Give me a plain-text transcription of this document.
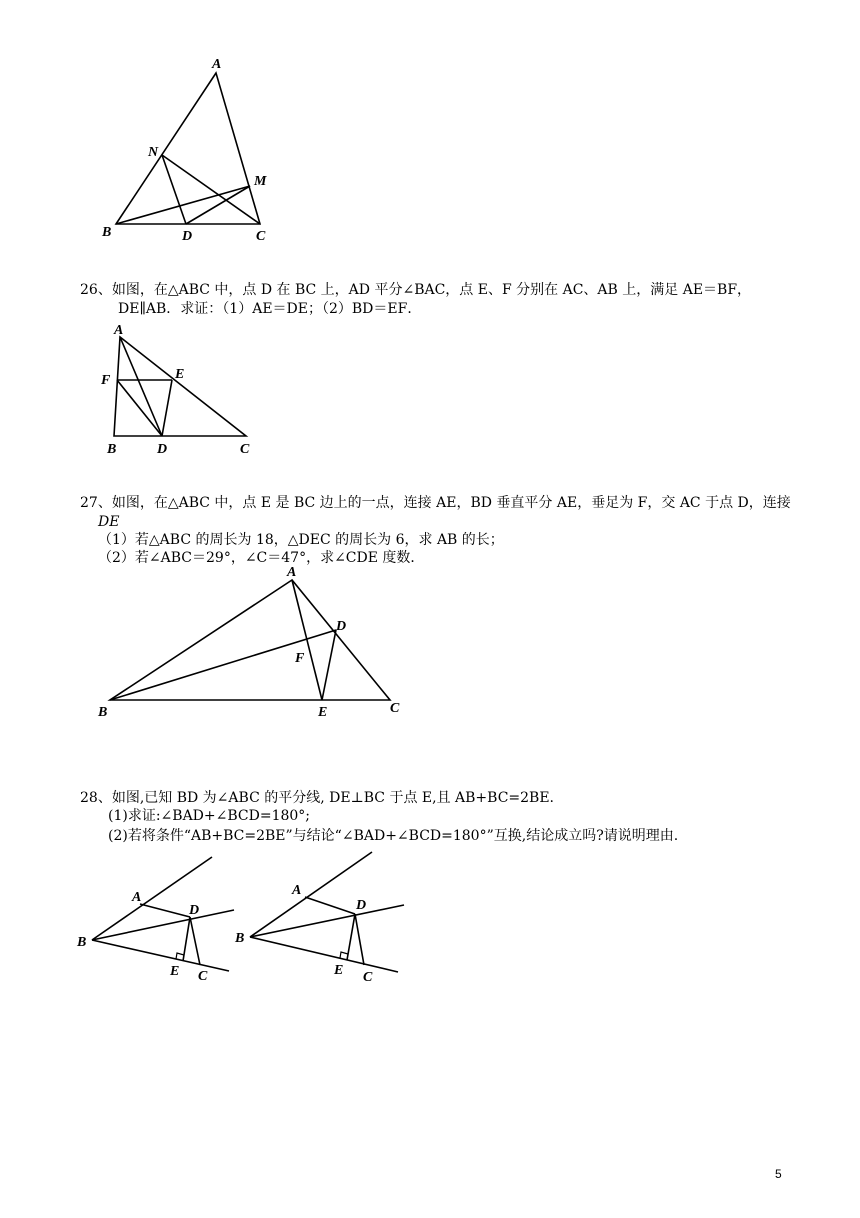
A
N
M
B	D	C
26、如图，在△ABC 中，点 D 在 BC 上，AD 平分∠BAC，点 E、F 分别在 AC、AB 上，满足 AE＝BF，
DE∥AB．求证：（1）AE＝DE；（2）BD＝EF．
A
F	E
B	D	C
27、如图，在△ABC 中，点 E 是 BC 边上的一点，连接 AE，BD 垂直平分 AE，垂足为 F，交 AC 于点 D，连接
DE
（1）若△ABC 的周长为 18，△DEC 的周长为 6，求 AB 的长；
（2）若∠ABC＝29°，∠C＝47°，求∠CDE 度数．
A
D
F
B	E	C
28、如图,已知 BD 为∠ABC 的平分线, DE⊥BC 于点 E,且 AB+BC=2BE.
(1)求证:∠BAD+∠BCD=180°;
(2)若将条件“AB+BC=2BE”与结论“∠BAD+∠BCD=180°”互换,结论成立吗?请说明理由.
A
B
D
E C
A
B
D
E C
5
